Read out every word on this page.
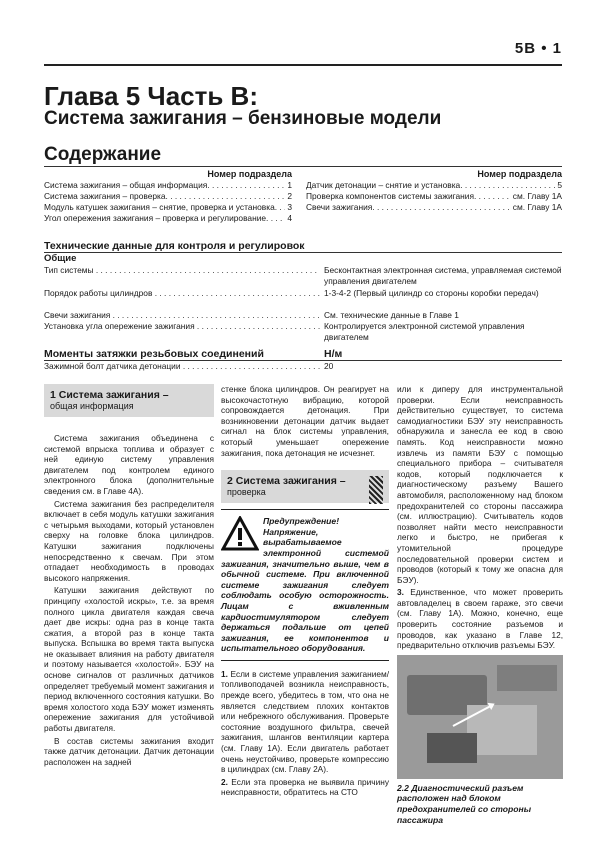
5B • 1
Глава 5 Часть B:
Система зажигания – бензиновые модели
Содержание
Номер подраздела
Система зажигания – общая информация . . .	1
Система зажигания – проверка . . .	2
Модуль катушек зажигания – снятие, проверка и установка . . . 3
Угол опережения зажигания – проверка и регулирование . . .	4
Номер подраздела
Датчик детонации – снятие и установка . . .	5
Проверка компонентов системы зажигания . . .	см. Главу 1А
Свечи зажигания . . .	см. Главу 1А
Технические данные для контроля и регулировок
Общие
Тип системы . . .	Бесконтактная электронная система, управляемая системой управления двигателем
Порядок работы цилиндров . . .	1-3-4-2 (Первый цилиндр со стороны коробки передач)
Свечи зажигания . . .	См. технические данные в Главе 1
Установка угла опережение зажигания . . .	Контролируется электронной системой управления двигателем
Моменты затяжки резьбовых соединений	Н/м
Зажимной болт датчика детонации . . .	20
1 Система зажигания –
общая информация

Система зажигания объединена с системой впрыска топлива и образует с ней единую систему управления двигателем под контролем единого электронного блока (дополнительные сведения см. в Главе 4A).

Система зажигания без распределителя включает в себя модуль катушки зажигания с четырьмя выходами, который установлен сверху на головке блока цилиндров. Катушки зажигания подключены непосредственно к свечам. При этом отпадает необходимость в проводах высокого напряжения.

Катушки зажигания действуют по принципу «холостой искры», т.е. за время полного цикла двигателя каждая свеча дает две искры: одна раз в конце такта сжатия, а второй раз в конце такта выпуска. Вспышка во время такта выпуска не оказывает влияния на работу двигателя и поэтому называется «холостой». БЭУ на основе сигналов от различных датчиков определяет требуемый момент зажигания и период включенного состояния катушки. Во время холостого хода БЭУ может изменять опережение зажигания для устойчивой работы двигателя.

В состав системы зажигания входит также датчик детонации. Датчик детонации расположен на задней

стенке блока цилиндров. Он реагирует на высокочастотную вибрацию, которой сопровождается детонация. При возникновении детонации датчик выдает сигнал на блок системы управления, который уменьшает опережение зажигания, пока детонация не исчезнет.

2 Система зажигания –
проверка
Предупреждение! Напряжение, вырабатываемое электронной системой зажигания, значительно выше, чем в обычной системе. При включенной системе зажигания следует соблюдать особую осторожность. Лицам с вживленным кардиостимулятором следует держаться подальше от цепей зажигания, ее компонентов и испытательного оборудования.
1. Если в системе управления зажиганием/топливоподачей возникла неисправность, прежде всего, убедитесь в том, что она не является следствием плохих контактов или небрежного обслуживания. Проверьте состояние воздушного фильтра, свечей зажигания, шлангов вентиляции картера (см. Главу 1A). Если двигатель работает очень неустойчиво, проверьте компрессию в цилиндрах (см. Главу 2A).
2. Если эта проверка не выявила причину неисправности, обратитесь на СТО

или к диперу для инструментальной проверки. Если неисправность действительно существует, то система самодиагностики БЭУ эту неисправность обнаружила и занесла ее код в свою память. Код неисправности можно извлечь из памяти БЭУ с помощью специального прибора – считывателя кодов, который подключается к диагностическому разъему Вашего автомобиля, расположенному над блоком предохранителей со стороны пассажира (см. иллюстрацию). Считыватель кодов позволяет найти место неисправности легко и быстро, не прибегая к утомительной процедуре последовательной проверки систем и проводов (который к тому же опасна для БЭУ).

3. Единственное, что может проверить автовладелец в своем гараже, это свечи (см. Главу 1A). Можно, конечно, еще проверить состояние разъемов и проводов, как указано в Главе 12, предварительно отключив разъемы БЭУ.
2.2 Диагностический разъем расположен над блоком предохранителей со стороны пассажира
